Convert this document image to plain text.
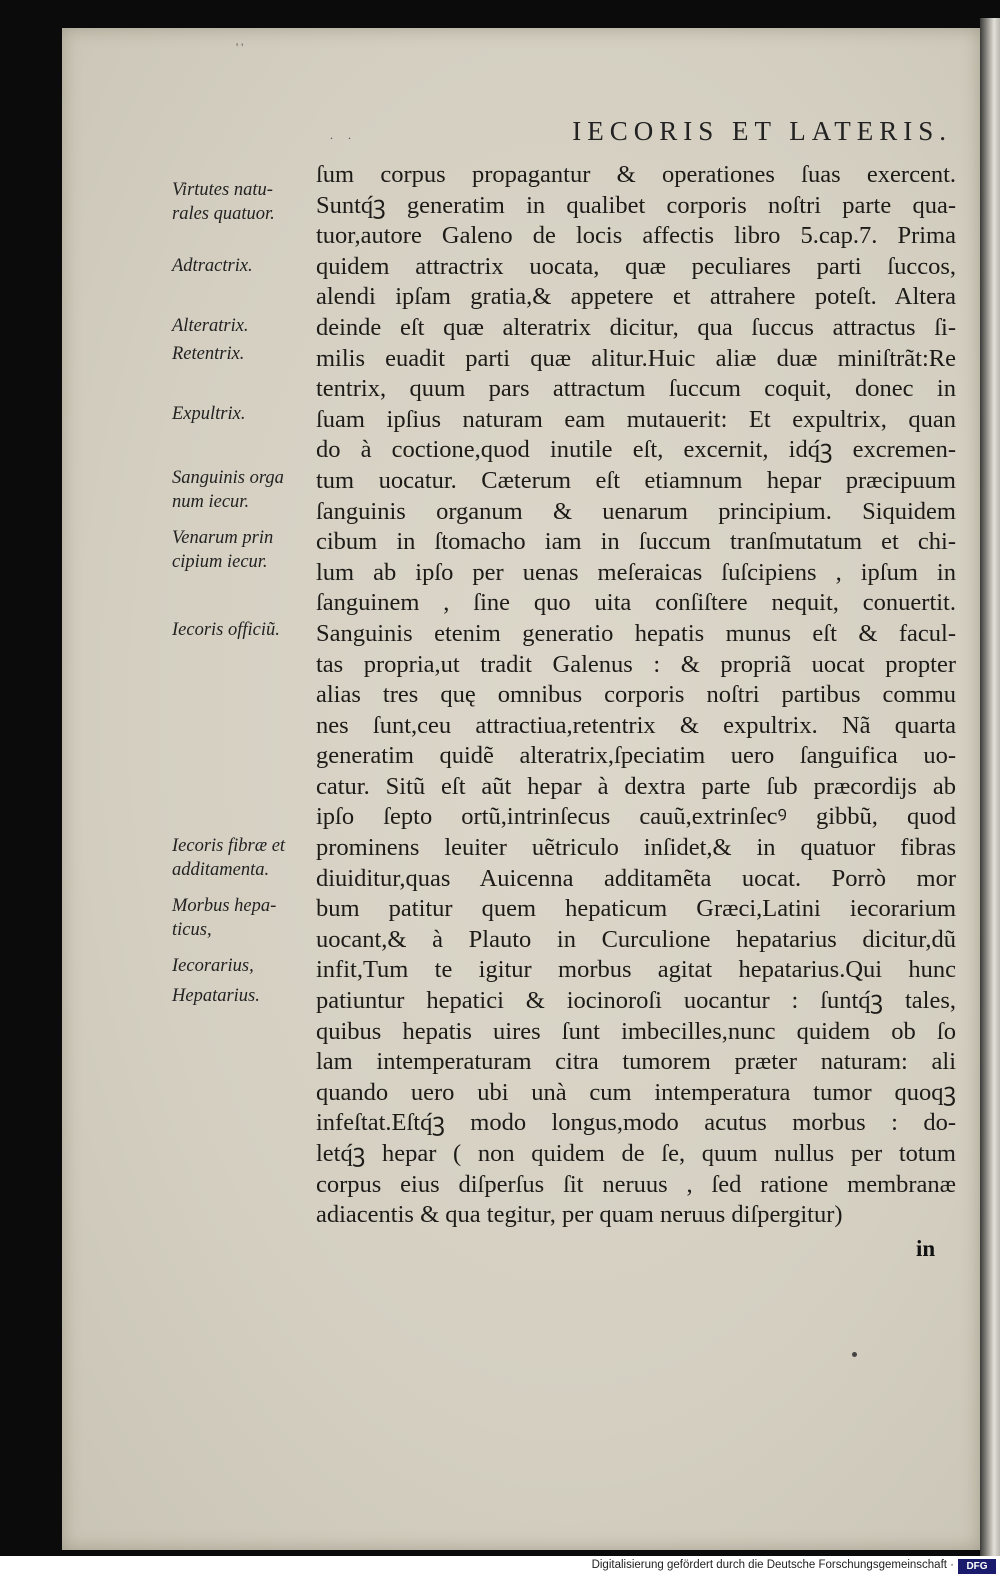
' '
. .	IECORIS ET LATERIS.
ſum corpus propagantur & operationes ſuas exercent.
Suntq́ꝫ generatim in qualibet corporis noſtri parte qua-
tuor,autore Galeno de locis affectis libro 5.cap.7. Prima
quidem attractrix uocata, quæ peculiares parti ſuccos,
alendi ipſam gratia,& appetere et attrahere poteſt. Altera
deinde eſt quæ alteratrix dicitur, qua ſuccus attractus ſi-
milis euadit parti quæ alitur.Huic aliæ duæ miniſtrãt:Re
tentrix, quum pars attractum ſuccum coquit, donec in
ſuam ipſius naturam eam mutauerit: Et expultrix, quan
do à coctione,quod inutile eſt, excernit, idq́ꝫ excremen-
tum uocatur. Cæterum eſt etiamnum hepar præcipuum
ſanguinis organum & uenarum principium. Siquidem
cibum in ſtomacho iam in ſuccum tranſmutatum et chi-
lum ab ipſo per uenas meſeraicas ſuſcipiens , ipſum in
ſanguinem , ſine quo uita conſiſtere nequit, conuertit.
Sanguinis etenim generatio hepatis munus eſt & facul-
tas propria,ut tradit Galenus : & propriã uocat propter
alias tres quę omnibus corporis noſtri partibus commu
nes ſunt,ceu attractiua,retentrix & expultrix. Nã quarta
generatim quidẽ alteratrix,ſpeciatim uero ſanguifica uo-
catur. Sitũ eſt aũt hepar à dextra parte ſub præcordijs ab
ipſo ſepto ortũ,intrinſecus cauũ,extrinſecꝰ gibbũ, quod
prominens leuiter uẽtriculo inſidet,& in quatuor fibras
diuiditur,quas Auicenna additamẽta uocat. Porrò mor
bum patitur quem hepaticum Græci,Latini iecorarium
uocant,& à Plauto in Curculione hepatarius dicitur,dũ
infit,Tum te igitur morbus agitat hepatarius.Qui hunc
patiuntur hepatici & iocinoroſi uocantur : ſuntq́ꝫ tales,
quibus hepatis uires ſunt imbecilles,nunc quidem ob ſo
lam intemperaturam citra tumorem præter naturam: ali
quando uero ubi unà cum intemperatura tumor quoqꝫ
infeſtat.Eſtq́ꝫ modo longus,modo acutus morbus : do-
letq́ꝫ hepar ( non quidem de ſe, quum nullus per totum
corpus eius diſperſus ſit neruus , ſed ratione membranæ
adiacentis & qua tegitur, per quam neruus diſpergitur)
Virtutes natu-
rales quatuor.
Adtractrix.
Alteratrix.
Retentrix.
Expultrix.
Sanguinis orga
num iecur.
Venarum prin
cipium iecur.
Iecoris officiũ.
Iecoris fibræ et
additamenta.
Morbus hepa-
ticus,
Iecorarius,
Hepatarius.
in
Digitalisierung gefördert durch die Deutsche Forschungsgemeinschaft ·	DFG
